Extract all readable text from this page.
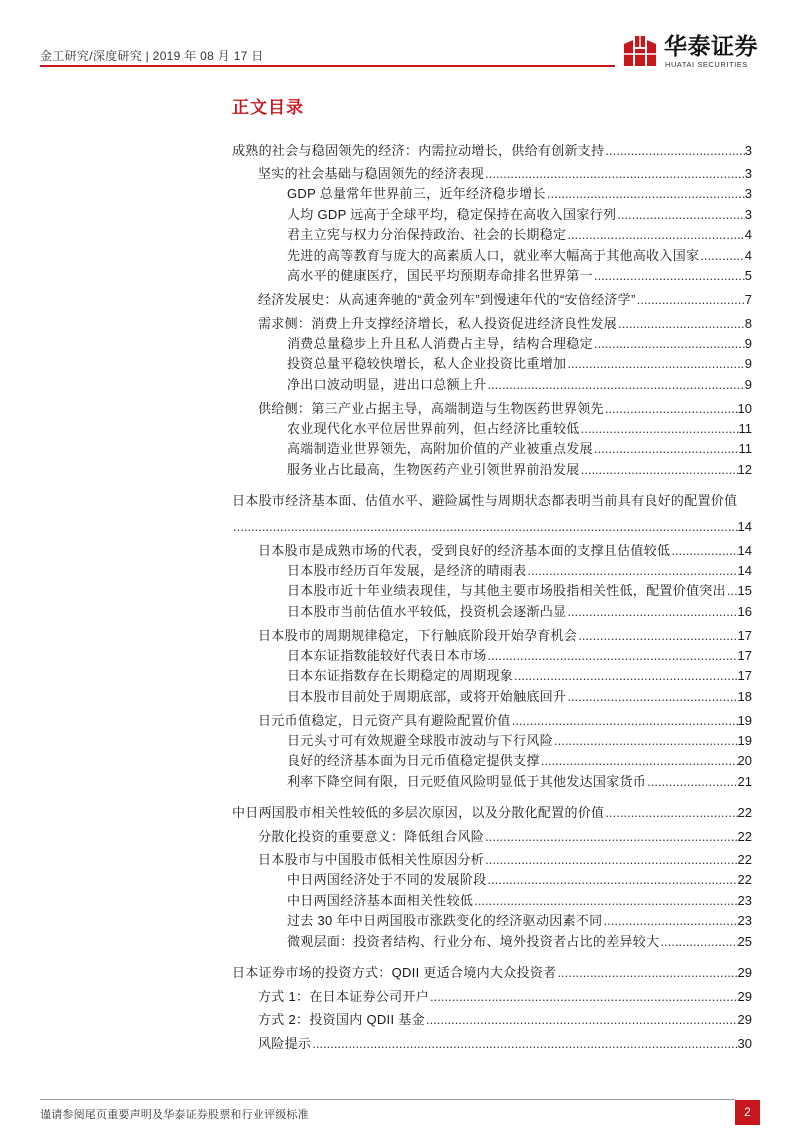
金工研究/深度研究 | 2019 年 08 月 17 日	华泰证券
HUATAI SECURITIES
正文目录
成熟的社会与稳固领先的经济：内需拉动增长，供给有创新支持 .....	3
坚实的社会基础与稳固领先的经济表现 .....	3
GDP 总量常年世界前三，近年经济稳步增长 .....	3
人均 GDP 远高于全球平均，稳定保持在高收入国家行列 .....	3
君主立宪与权力分治保持政治、社会的长期稳定 .....	4
先进的高等教育与庞大的高素质人口，就业率大幅高于其他高收入国家 .....	4
高水平的健康医疗，国民平均预期寿命排名世界第一 .....	5
经济发展史：从高速奔驰的“黄金列车”到慢速年代的“安倍经济学” .....	7
需求侧：消费上升支撑经济增长，私人投资促进经济良性发展 .....	8
消费总量稳步上升且私人消费占主导，结构合理稳定 .....	9
投资总量平稳较快增长，私人企业投资比重增加 .....	9
净出口波动明显，进出口总额上升 .....	9
供给侧：第三产业占据主导，高端制造与生物医药世界领先 .....	10
农业现代化水平位居世界前列，但占经济比重较低 .....	11
高端制造业世界领先，高附加价值的产业被重点发展 .....	11
服务业占比最高，生物医药产业引领世界前沿发展 .....	12
日本股市经济基本面、估值水平、避险属性与周期状态都表明当前具有良好的配置价值
.....
14
日本股市是成熟市场的代表，受到良好的经济基本面的支撑且估值较低 .....	14
日本股市经历百年发展，是经济的晴雨表 .....	14
日本股市近十年业绩表现佳，与其他主要市场股指相关性低，配置价值突出 ..... 15
日本股市当前估值水平较低，投资机会逐渐凸显 .....	16
日本股市的周期规律稳定，下行触底阶段开始孕育机会 .....	17
日本东证指数能较好代表日本市场 .....	17
日本东证指数存在长期稳定的周期现象 .....	17
日本股市目前处于周期底部，或将开始触底回升 .....	18
日元币值稳定，日元资产具有避险配置价值 .....	19
日元头寸可有效规避全球股市波动与下行风险 .....	19
良好的经济基本面为日元币值稳定提供支撑 .....	20
利率下降空间有限，日元贬值风险明显低于其他发达国家货币 .....	21
中日两国股市相关性较低的多层次原因，以及分散化配置的价值 .....	22
分散化投资的重要意义：降低组合风险 .....	22
日本股市与中国股市低相关性原因分析 .....	22
中日两国经济处于不同的发展阶段 .....	22
中日两国经济基本面相关性较低 .....	23
过去 30 年中日两国股市涨跌变化的经济驱动因素不同 .....	23
微观层面：投资者结构、行业分布、境外投资者占比的差异较大 .....	25
日本证券市场的投资方式：QDII 更适合境内大众投资者 .....	29
方式 1：在日本证券公司开户 .....	29
方式 2：投资国内 QDII 基金 .....	29
风险提示 .....	30
谨请参阅尾页重要声明及华泰证券股票和行业评级标准	2
